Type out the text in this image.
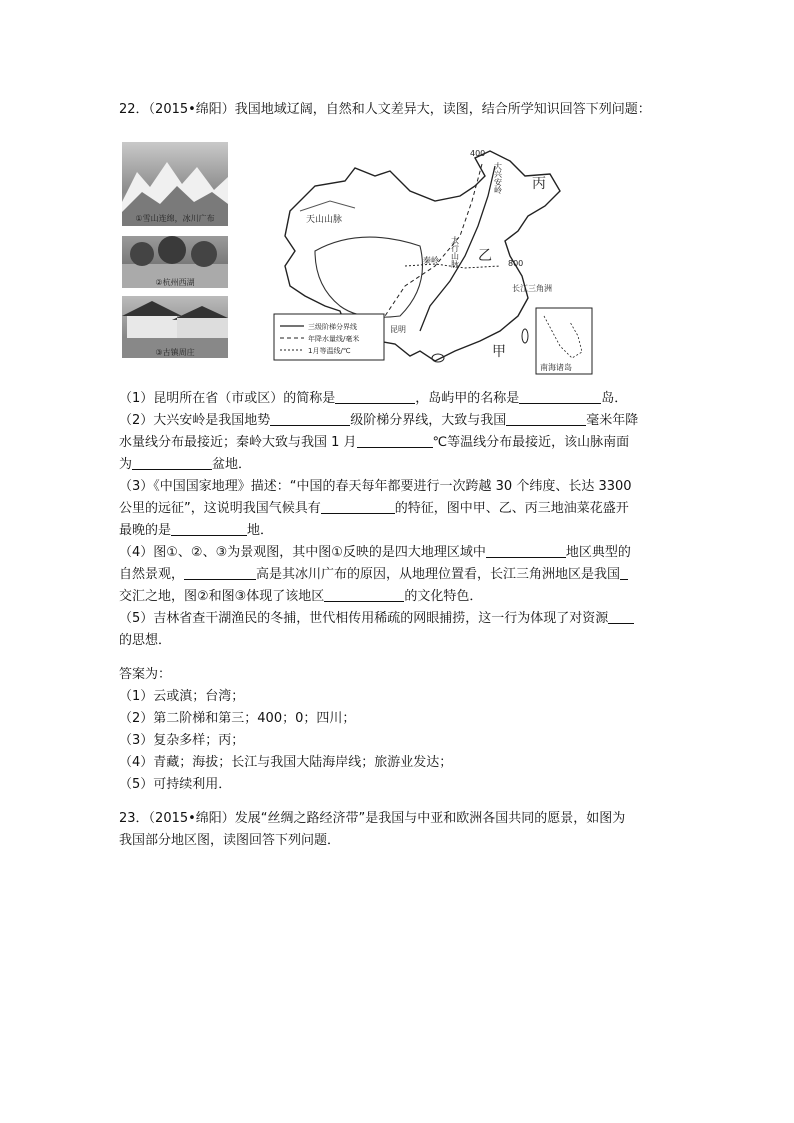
22．（2015•绵阳）我国地域辽阔，自然和人文差异大，读图，结合所学知识回答下列问题：
①雪山连绵，冰川广布
②杭州西湖
③古镇周庄
天山山脉
400
大兴安岭 丙
太行山脉 乙
秦岭	800
长江三角洲
昆明
甲
三级阶梯分界线
年降水量线/毫米
1月等温线/℃
南海诸岛
（1）昆明所在省（市或区）的简称是	，岛屿甲的名称是	岛．
（2）大兴安岭是我国地势	级阶梯分界线，大致与我国	毫米年降
水量线分布最接近；秦岭大致与我国 1 月	℃等温线分布最接近，该山脉南面
为	盆地．
（3）《中国国家地理》描述：“中国的春天每年都要进行一次跨越 30 个纬度、长达 3300
公里的远征”，这说明我国气候具有	的特征，图中甲、乙、丙三地油菜花盛开
最晚的是	地．
（4）图①、②、③为景观图，其中图①反映的是四大地理区域中	地区典型的
自然景观，	高是其冰川广布的原因，从地理位置看，长江三角洲地区是我国
交汇之地，图②和图③体现了该地区	的文化特色．
（5）吉林省查干湖渔民的冬捕，世代相传用稀疏的网眼捕捞，这一行为体现了对资源
的思想．
答案为：
（1）云或滇；台湾；
（2）第二阶梯和第三；400；0；四川；
（3）复杂多样；丙；
（4）青藏；海拔；长江与我国大陆海岸线；旅游业发达；
（5）可持续利用．
23．（2015•绵阳）发展“丝绸之路经济带”是我国与中亚和欧洲各国共同的愿景，如图为
我国部分地区图，读图回答下列问题．
